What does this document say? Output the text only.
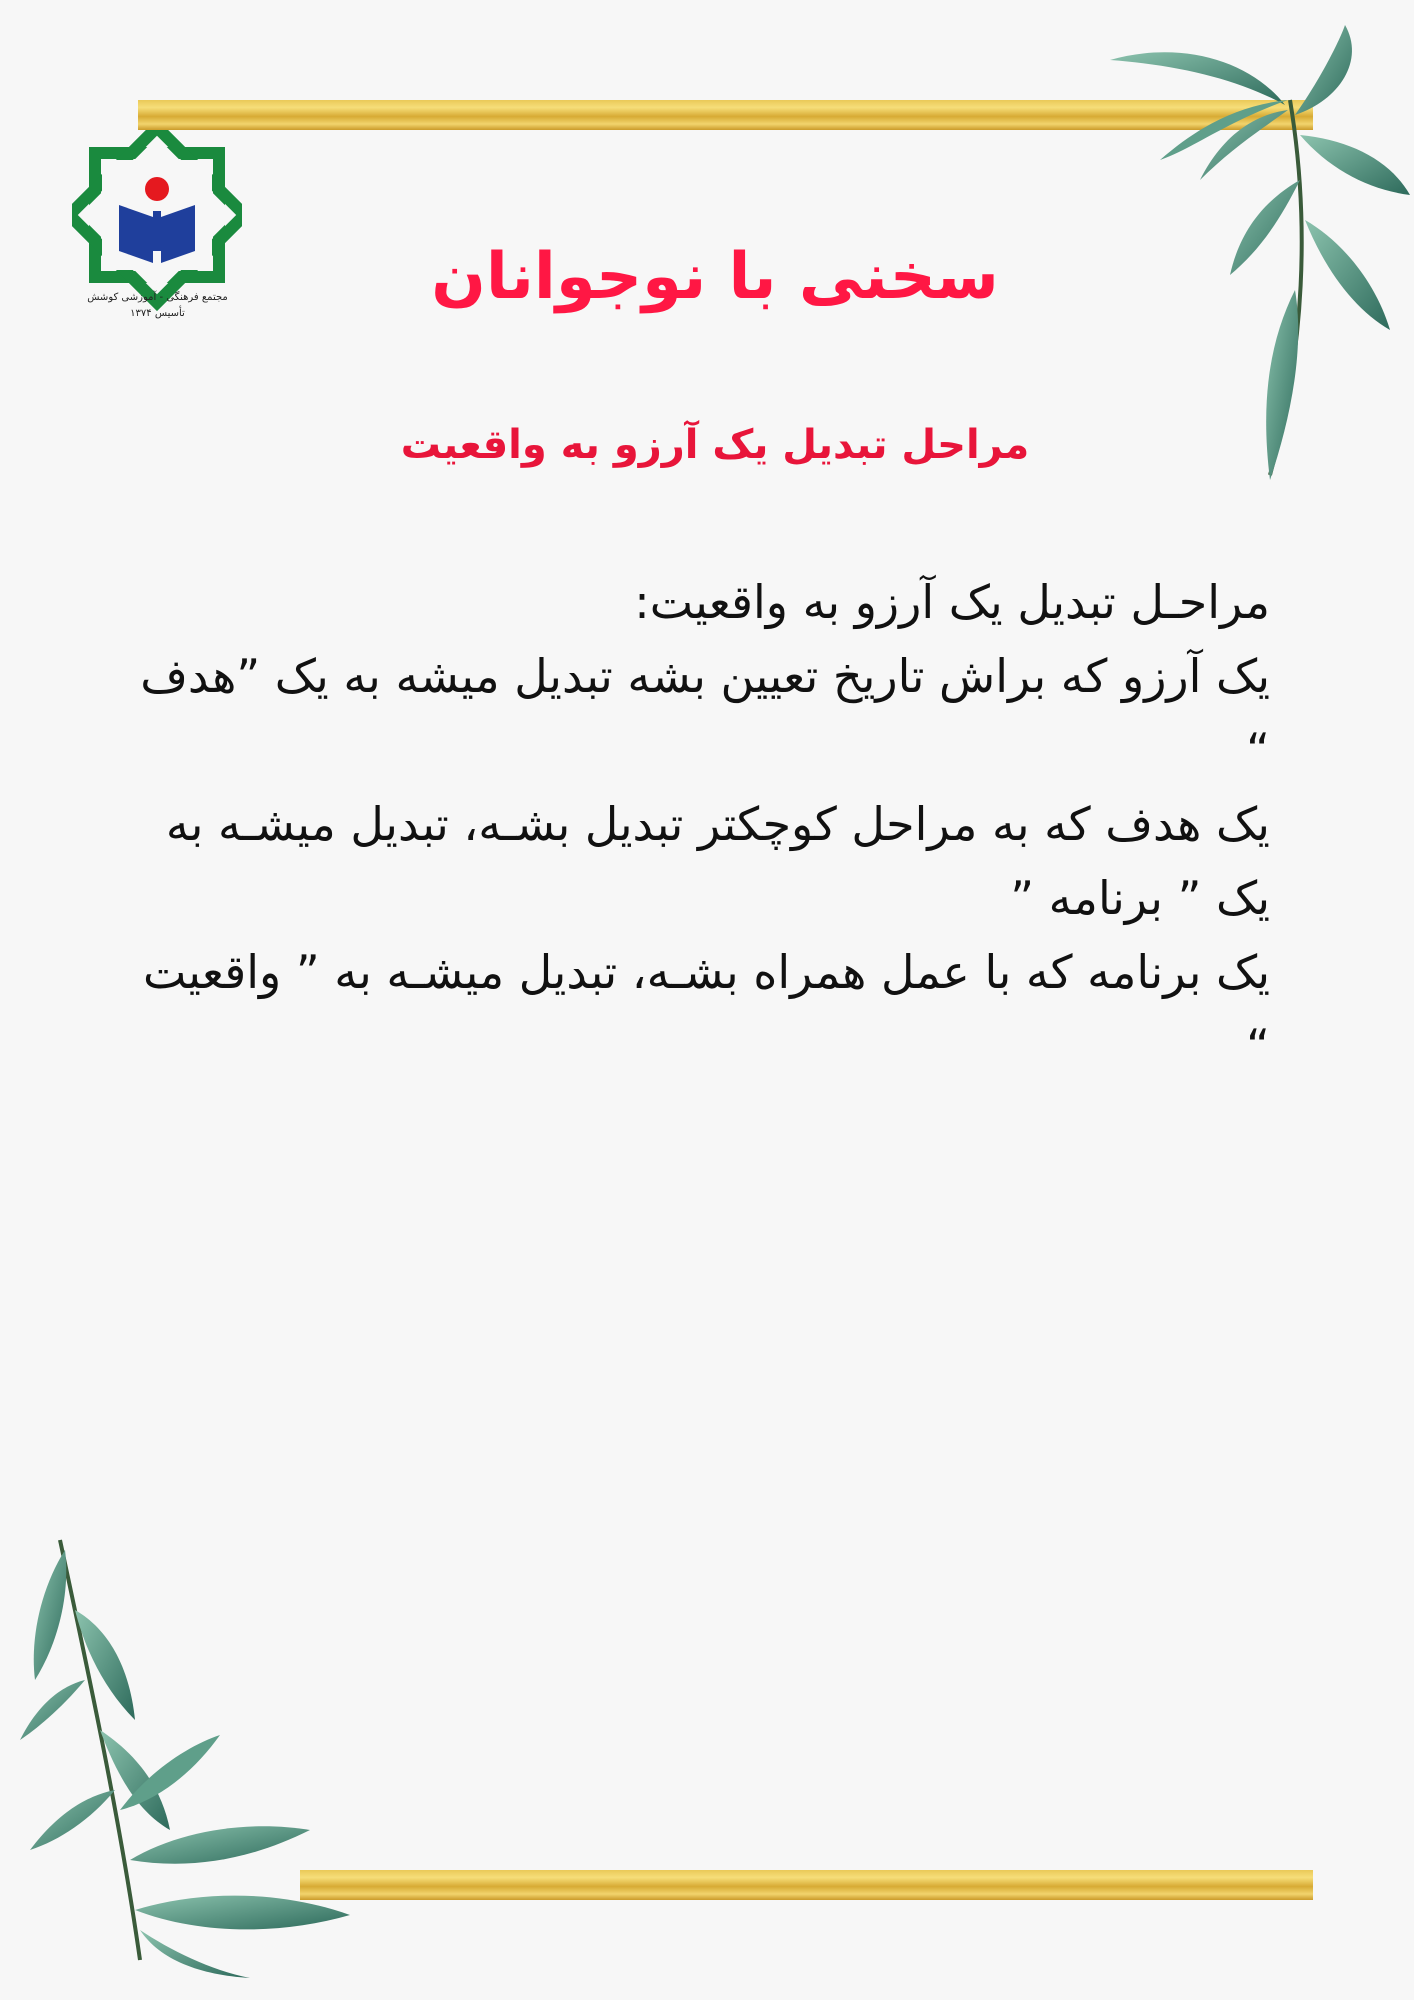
مجتمع فرهنگی - آموزشی کوشش
تأسیس ۱۳۷۴	سخنی با نوجوانان
مراحل تبدیل یک آرزو به واقعیت

مراحـل تبدیل یک آرزو به واقعیت:

یک آرزو که براش تاریخ تعیین بشه تبدیل میشه به یک ”هدف “

یک هدف که به مراحل کوچکتر تبدیل بشـه، تبدیل میشـه به یک ” برنامه ”

یک برنامه که با عمل همراه بشـه، تبدیل میشـه به ” واقعیت “
